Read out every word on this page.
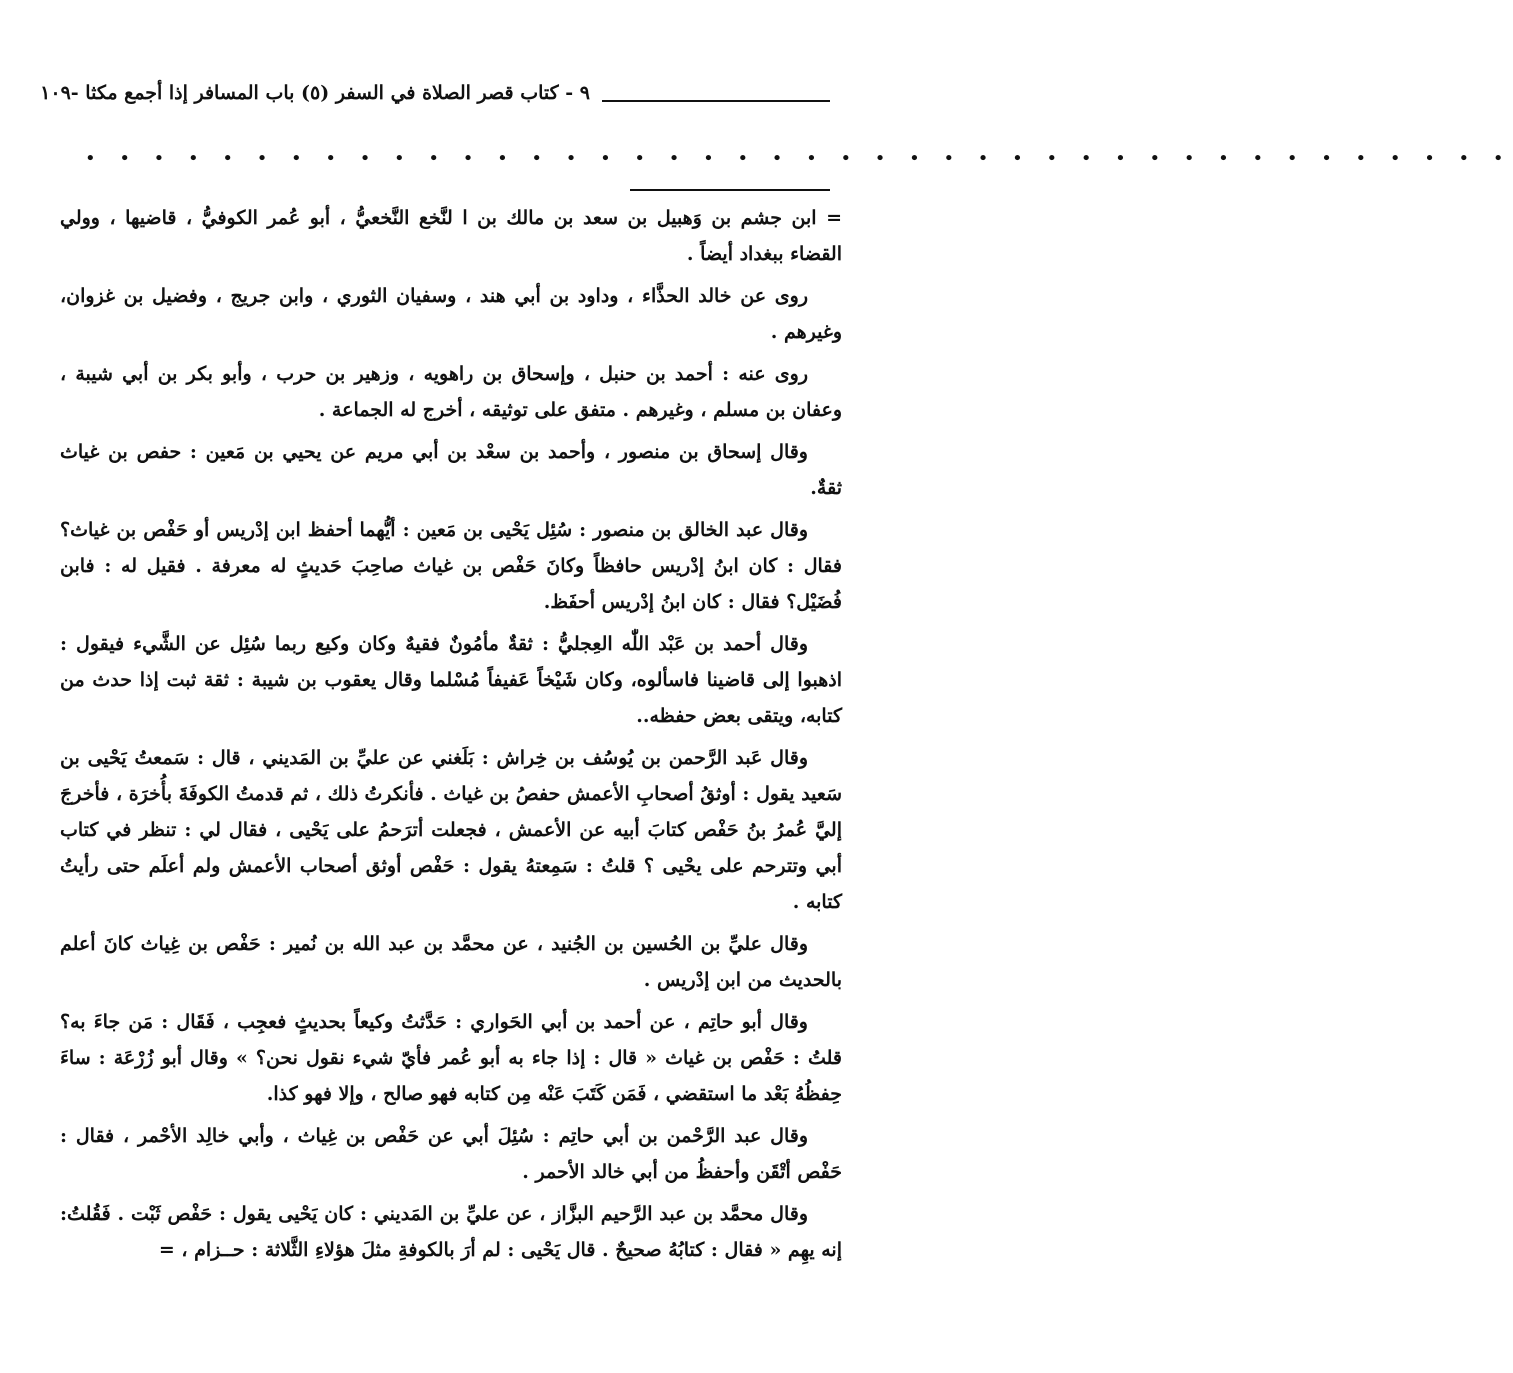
٩ - كتاب قصر الصلاة في السفر (٥) باب المسافر إذا أجمع مكثا -١٠٩
• • • • • • • • • • • • • • • • • • • • • • • • • • • • • • • • • • • • • • • • • •

= ابن جشم بن وَهبيل بن سعد بن مالك بن ا لنَّخع النَّخعيُّ ، أبو عُمر الكوفيُّ ، قاضيها ، وولي القضاء ببغداد أيضاً .

روى عن خالد الحذَّاء ، وداود بن أبي هند ، وسفيان الثوري ، وابن جريج ، وفضيل بن غزوان، وغيرهم .

روى عنه : أحمد بن حنبل ، وإسحاق بن راهويه ، وزهير بن حرب ، وأبو بكر بن أبي شيبة ، وعفان بن مسلم ، وغيرهم . متفق على توثيقه ، أخرج له الجماعة .

وقال إسحاق بن منصور ، وأحمد بن سعْد بن أبي مريم عن يحيي بن مَعين : حفص بن غياث ثقةٌ.

وقال عبد الخالق بن منصور : سُئِل يَحْيى بن مَعين : أيُّهما أحفظ ابن إدْريس أو حَفْص بن غياث؟ فقال : كان ابنُ إدْريس حافظاً وكانَ حَفْص بن غياث صاحِبَ حَديثٍ له معرفة . فقيل له : فابن فُضَيْل؟ فقال : كان ابنُ إدْريس أحفَظ.

وقال أحمد بن عَبْد اللّٰه العِجليُّ : ثقةٌ مأمُونٌ فقيهٌ وكان وكيع ربما سُئِل عن الشَّيء فيقول : اذهبوا إلى قاضينا فاسألوه، وكان شَيْخاً عَفيفاً مُسْلما وقال يعقوب بن شيبة : ثقة ثبت إذا حدث من كتابه، ويتقى بعض حفظه..

وقال عَبد الرَّحمن بن يُوسُف بن خِراش : بَلَغني عن عليِّ بن المَديني ، قال : سَمعتُ يَحْيى بن سَعيد يقول : أوثقُ أصحابِ الأعمش حفصُ بن غياث . فأنكرتُ ذلك ، ثم قدمتُ الكوفَةَ بأُخرَة ، فأخرجَ إليَّ عُمرُ بنُ حَفْص كتابَ أبيه عن الأعمش ، فجعلت أترَحمُ على يَحْيى ، فقال لي : تنظر في كتاب أبي وتترحم على يحْيى ؟ قلتُ : سَمِعتهُ يقول : حَفْص أوثق أصحاب الأعمش ولم أعلَم حتى رأيتُ كتابه .

وقال عليِّ بن الحُسين بن الجُنيد ، عن محمَّد بن عبد الله بن نُمير : حَفْص بن غِياث كانَ أعلم بالحديث من ابن إدْريس .

وقال أبو حاتِم ، عن أحمد بن أبي الحَواري : حَدَّثتُ وكيعاً بحديثٍ فعجِب ، فَقَال : مَن جاءَ به؟ قلتُ : حَفْص بن غياث « قال : إذا جاء به أبو عُمر فأيّ شيء نقول نحن؟ » وقال أبو زُرْعَة : ساءَ حِفظُهُ بَعْد ما استقضي ، فَمَن كَتَبَ عَنْه مِن كتابه فهو صالح ، وإلا فهو كذا.

وقال عبد الرَّحْمن بن أبي حاتِم : سُئِلَ أبي عن حَفْص بن غِياث ، وأبي خالِد الأحْمر ، فقال : حَفْص أتْقَن وأحفظُ من أبي خالد الأحمر .

وقال محمَّد بن عبد الرَّحيم البزَّاز ، عن عليِّ بن المَديني : كان يَحْيى يقول : حَفْص ثَبْت . فَقُلتُ: إنه يهِم « فقال : كتابُهُ صحيحٌ . قال يَحْيى : لم أرَ بالكوفةِ مثلَ هؤلاءِ الثَّلاثة : حــزام ، =
